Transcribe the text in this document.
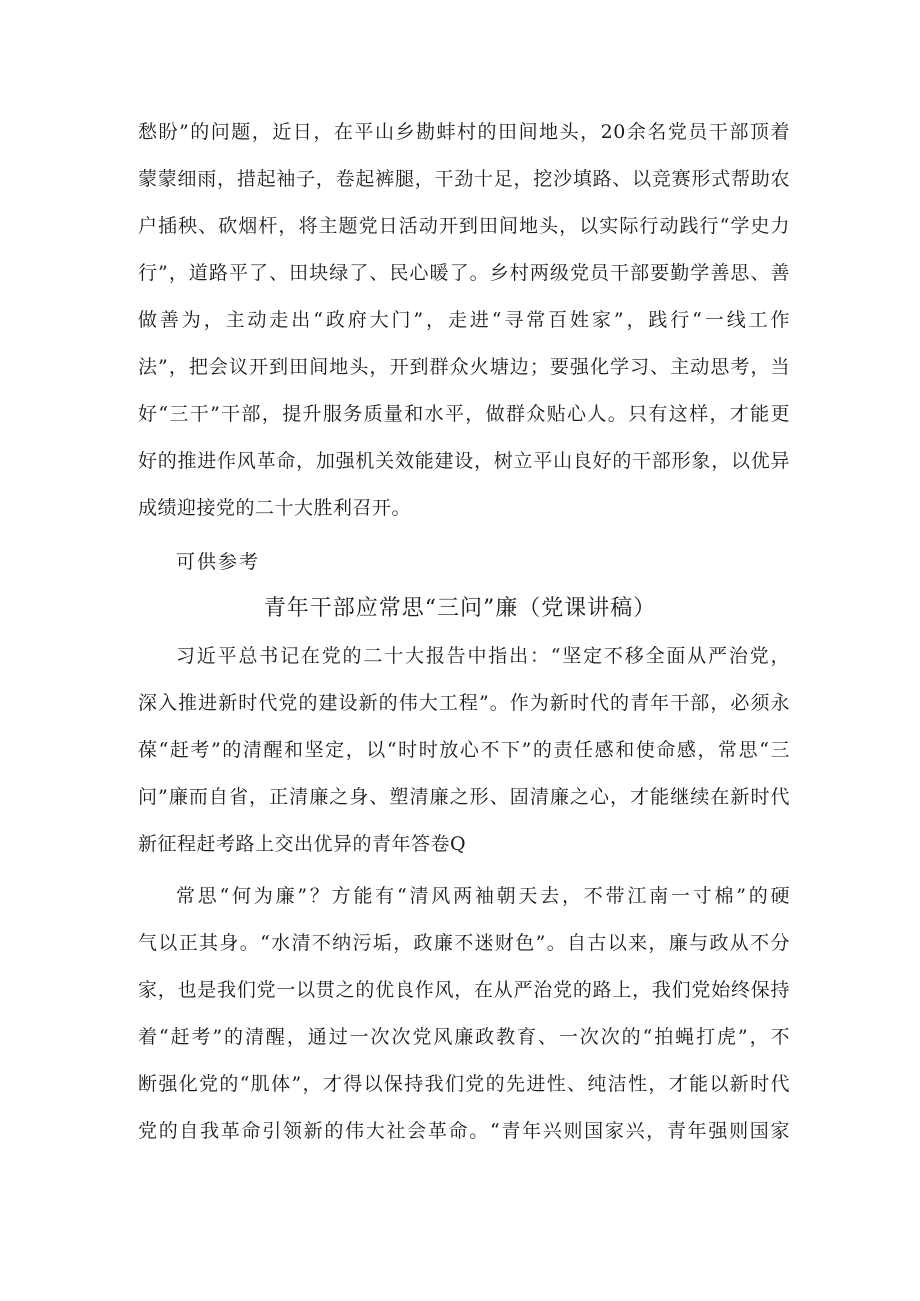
愁盼”的问题，近日，在平山乡勘蚌村的田间地头，20余名党员干部顶着
蒙蒙细雨，措起袖子，卷起裤腿，干劲十足，挖沙填路、以竞赛形式帮助农
户插秧、砍烟杆，将主题党日活动开到田间地头，以实际行动践行“学史力
行”，道路平了、田块绿了、民心暖了。乡村两级党员干部要勤学善思、善
做善为，主动走出“政府大门”，走进“寻常百姓家”，践行“一线工作
法”，把会议开到田间地头，开到群众火塘边；要强化学习、主动思考，当
好“三干”干部，提升服务质量和水平，做群众贴心人。只有这样，才能更
好的推进作风革命，加强机关效能建设，树立平山良好的干部形象，以优异
成绩迎接党的二十大胜利召开。
可供参考
青年干部应常思“三问”廉（党课讲稿）
习近平总书记在党的二十大报告中指出：“坚定不移全面从严治党，
深入推进新时代党的建设新的伟大工程”。作为新时代的青年干部，必须永
葆“赶考”的清醒和坚定，以“时时放心不下”的责任感和使命感，常思“三
问”廉而自省，正清廉之身、塑清廉之形、固清廉之心，才能继续在新时代
新征程赶考路上交出优异的青年答卷Q
常思“何为廉”？方能有“清风两袖朝天去，不带江南一寸棉”的硬
气以正其身。“水清不纳污垢，政廉不迷财色”。自古以来，廉与政从不分
家，也是我们党一以贯之的优良作风，在从严治党的路上，我们党始终保持
着“赶考”的清醒，通过一次次党风廉政教育、一次次的“拍蝇打虎”，不
断强化党的“肌体”，才得以保持我们党的先进性、纯洁性，才能以新时代
党的自我革命引领新的伟大社会革命。“青年兴则国家兴，青年强则国家
